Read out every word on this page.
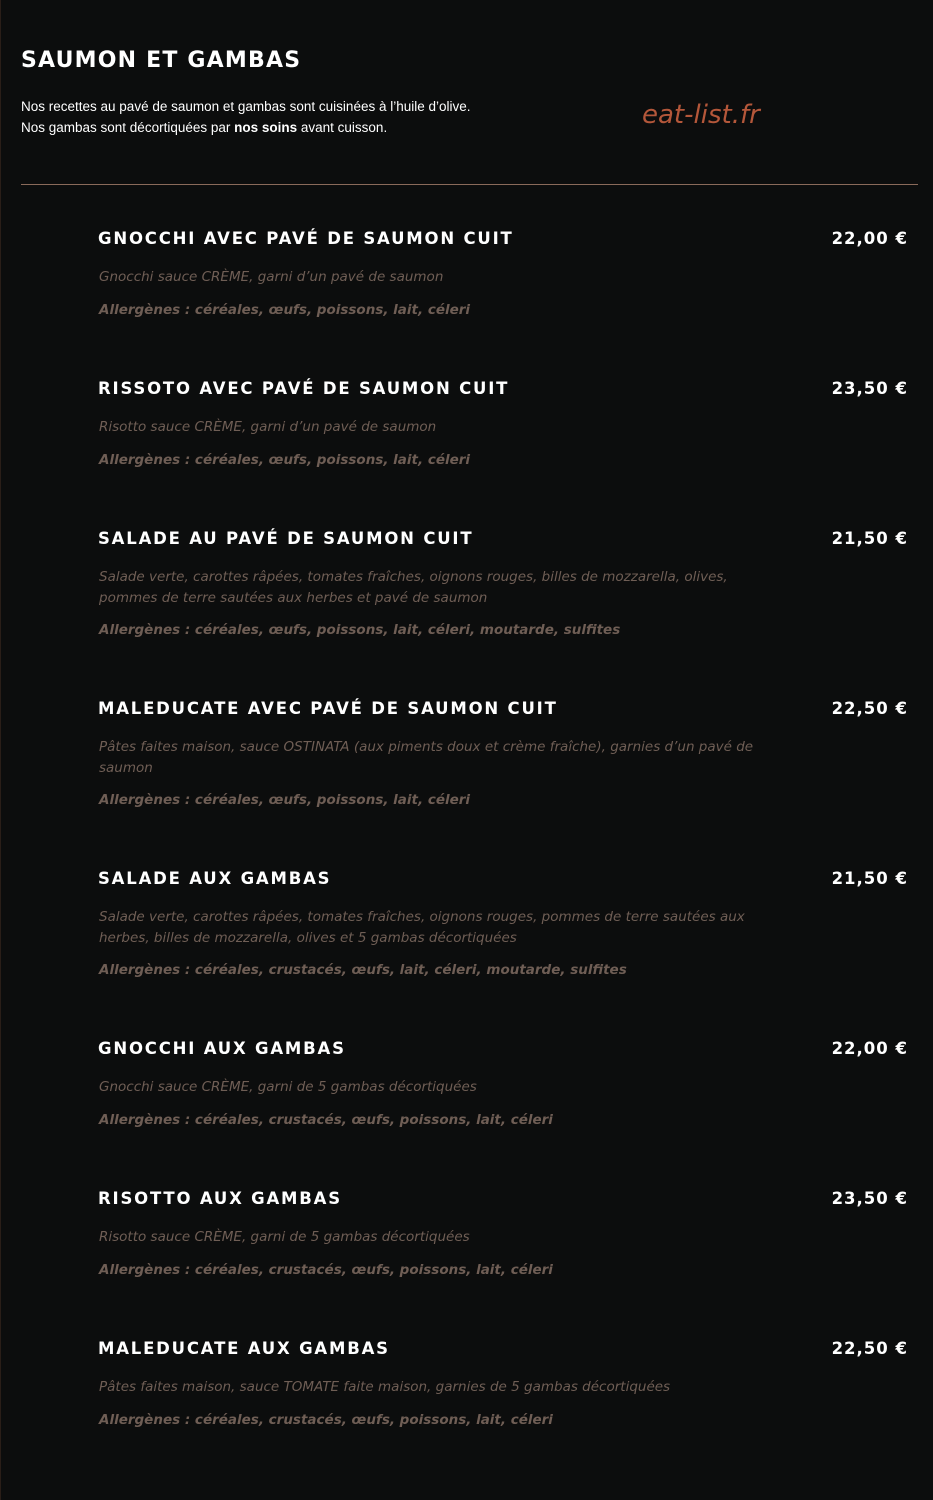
SAUMON ET GAMBAS

Nos recettes au pavé de saumon et gambas sont cuisinées à l’huile d’olive.

Nos gambas sont décortiquées par nos soins avant cuisson.	eat-list.fr
GNOCCHI AVEC PAVÉ DE SAUMON CUIT	22,00 €

Gnocchi sauce CRÈME, garni d’un pavé de saumon

Allergènes : céréales, œufs, poissons, lait, céleri

RISSOTO AVEC PAVÉ DE SAUMON CUIT	23,50 €

Risotto sauce CRÈME, garni d’un pavé de saumon

Allergènes : céréales, œufs, poissons, lait, céleri

SALADE AU PAVÉ DE SAUMON CUIT	21,50 €

Salade verte, carottes râpées, tomates fraîches, oignons rouges, billes de mozzarella, olives, pommes de terre sautées aux herbes et pavé de saumon

Allergènes : céréales, œufs, poissons, lait, céleri, moutarde, sulfites

MALEDUCATE AVEC PAVÉ DE SAUMON CUIT	22,50 €

Pâtes faites maison, sauce OSTINATA (aux piments doux et crème fraîche), garnies d’un pavé de saumon

Allergènes : céréales, œufs, poissons, lait, céleri

SALADE AUX GAMBAS	21,50 €

Salade verte, carottes râpées, tomates fraîches, oignons rouges, pommes de terre sautées aux herbes, billes de mozzarella, olives et 5 gambas décortiquées

Allergènes : céréales, crustacés, œufs, lait, céleri, moutarde, sulfites

GNOCCHI AUX GAMBAS	22,00 €

Gnocchi sauce CRÈME, garni de 5 gambas décortiquées

Allergènes : céréales, crustacés, œufs, poissons, lait, céleri

RISOTTO AUX GAMBAS	23,50 €

Risotto sauce CRÈME, garni de 5 gambas décortiquées

Allergènes : céréales, crustacés, œufs, poissons, lait, céleri

MALEDUCATE AUX GAMBAS	22,50 €

Pâtes faites maison, sauce TOMATE faite maison, garnies de 5 gambas décortiquées

Allergènes : céréales, crustacés, œufs, poissons, lait, céleri
